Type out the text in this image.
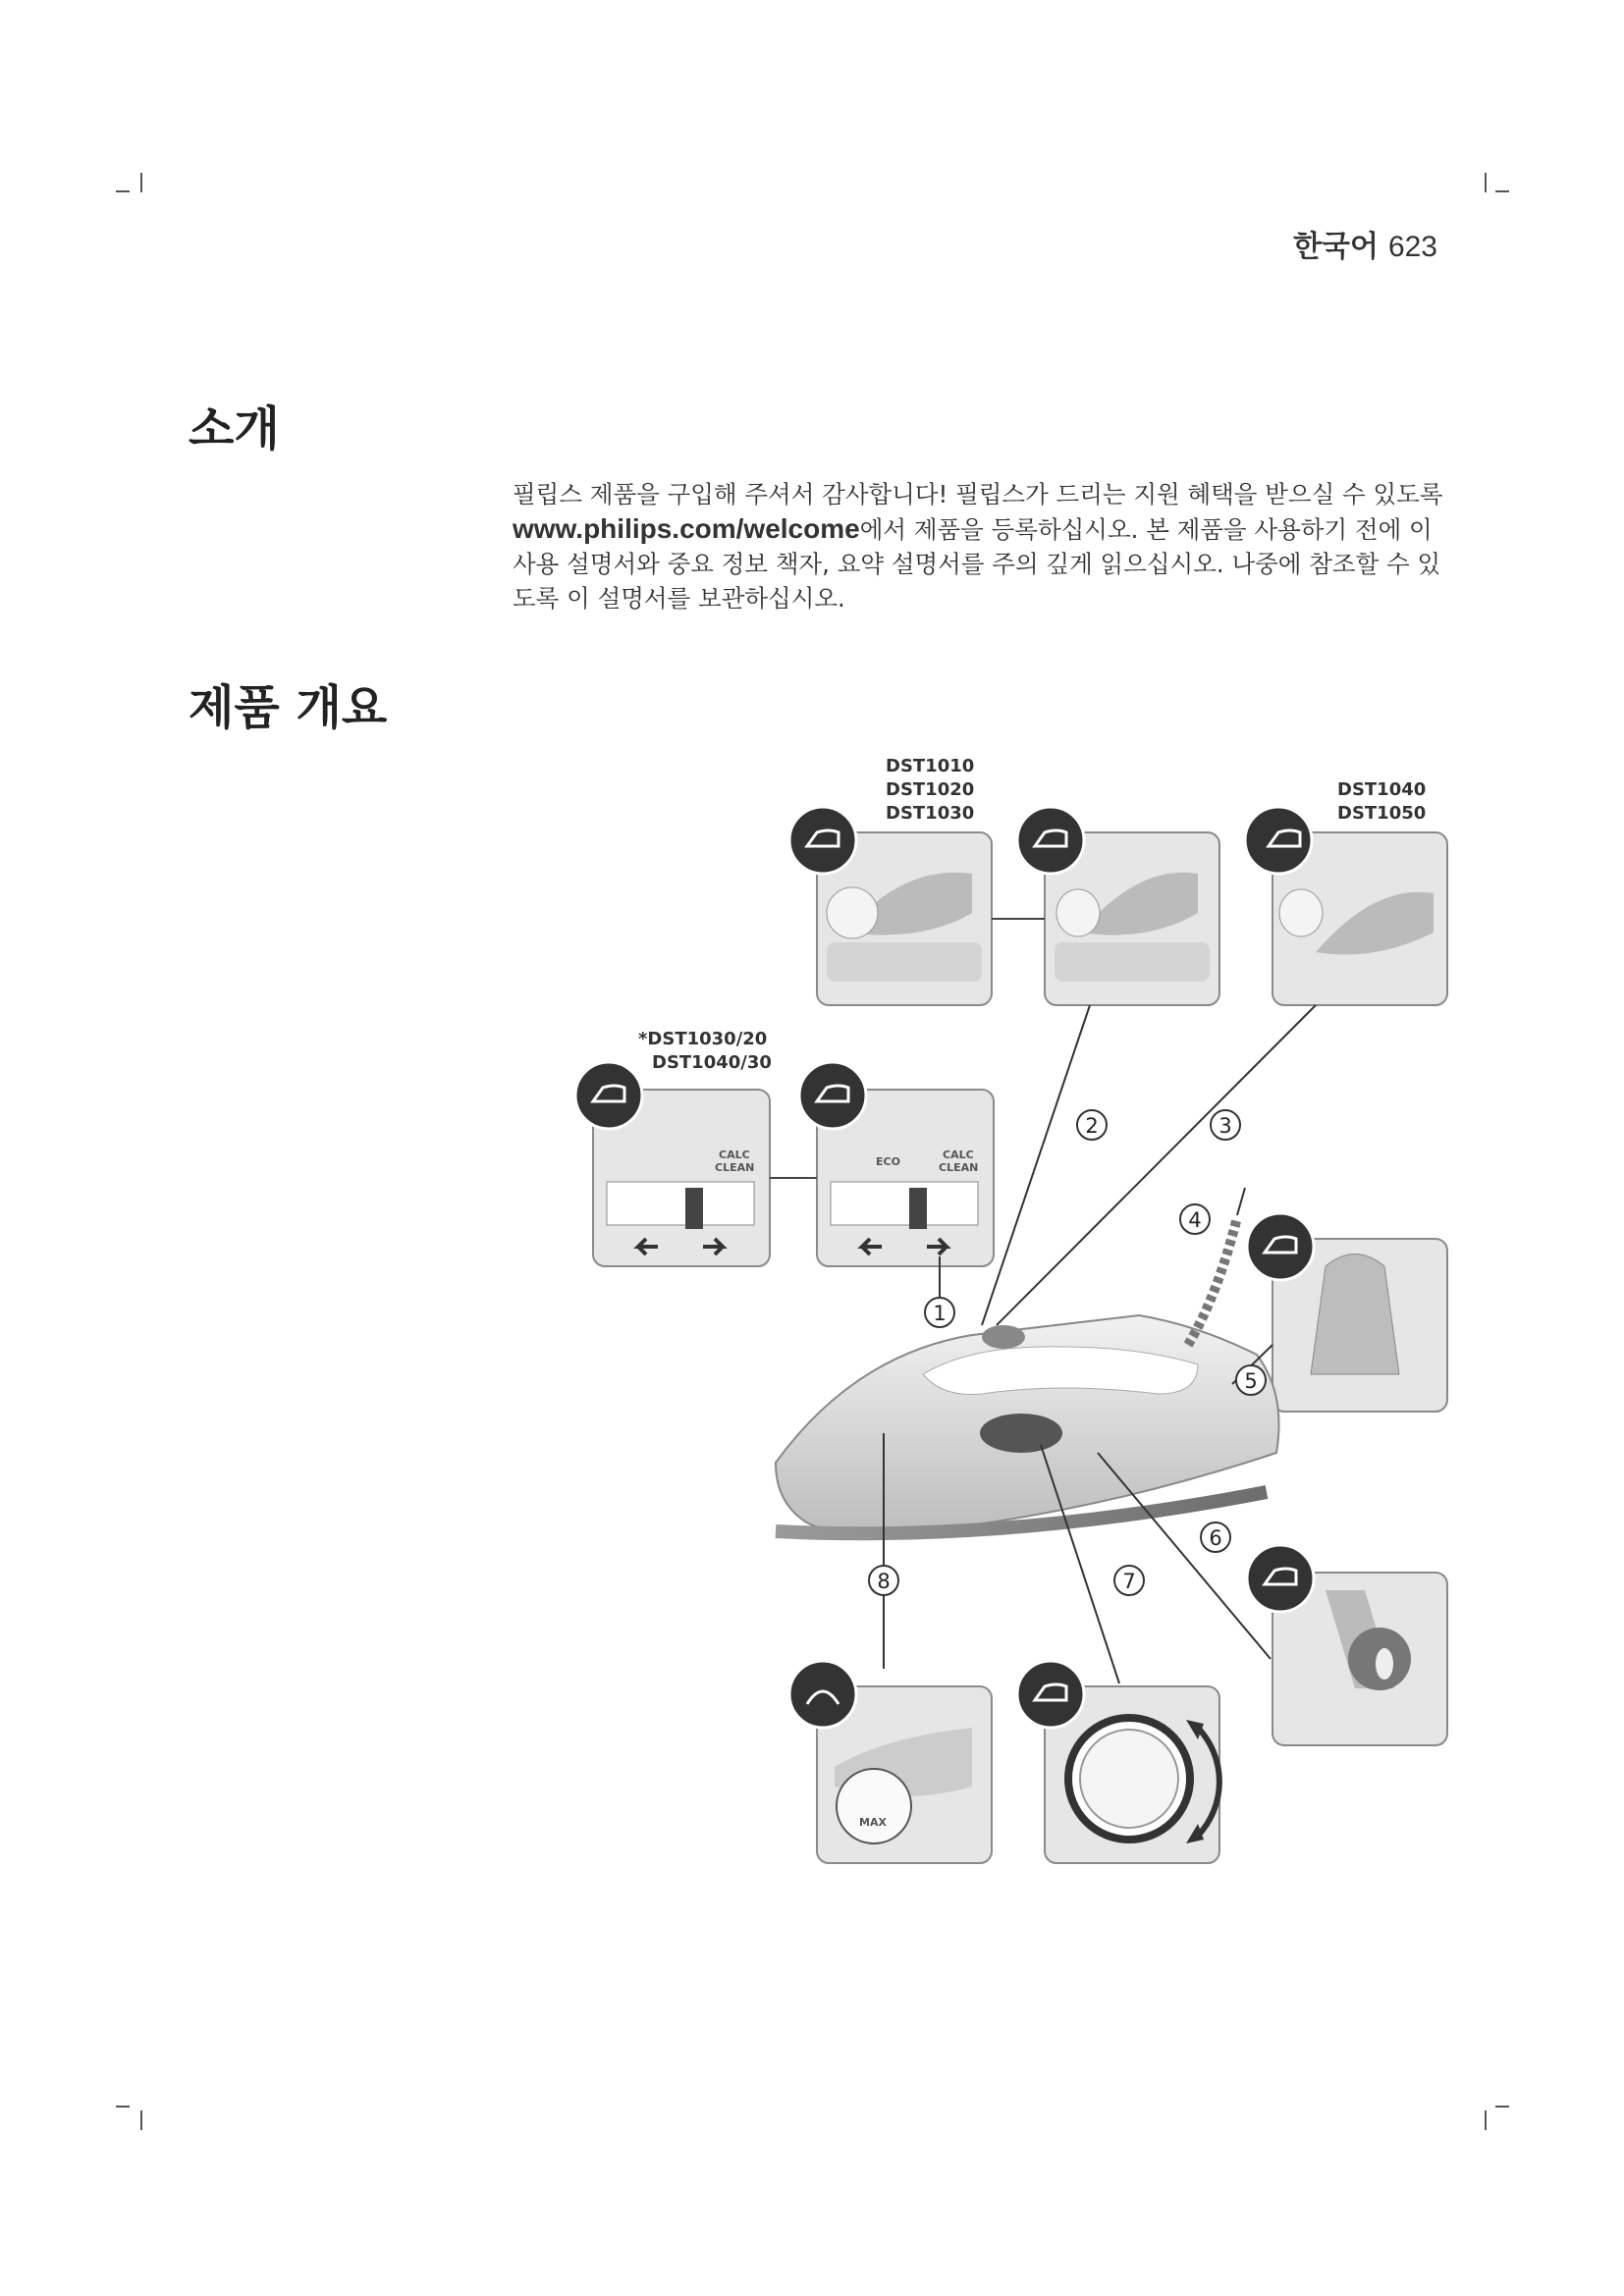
한국어 623
소개

필립스 제품을 구입해 주셔서 감사합니다! 필립스가 드리는 지원 혜택을 받으실 수 있도록 www.philips.com/welcome에서 제품을 등록하십시오. 본 제품을 사용하기 전에 이 사용 설명서와 중요 정보 책자, 요약 설명서를 주의 깊게 읽으십시오. 나중에 참조할 수 있도록 이 설명서를 보관하십시오.

제품 개요
DST1010
DST1020
DST1030
DST1040
DST1050
*DST1030/20
DST1040/30
CALC
CLEAN	ECO
CALC
CLEAN
MAX
1
2	3
4
5
6
7
8
